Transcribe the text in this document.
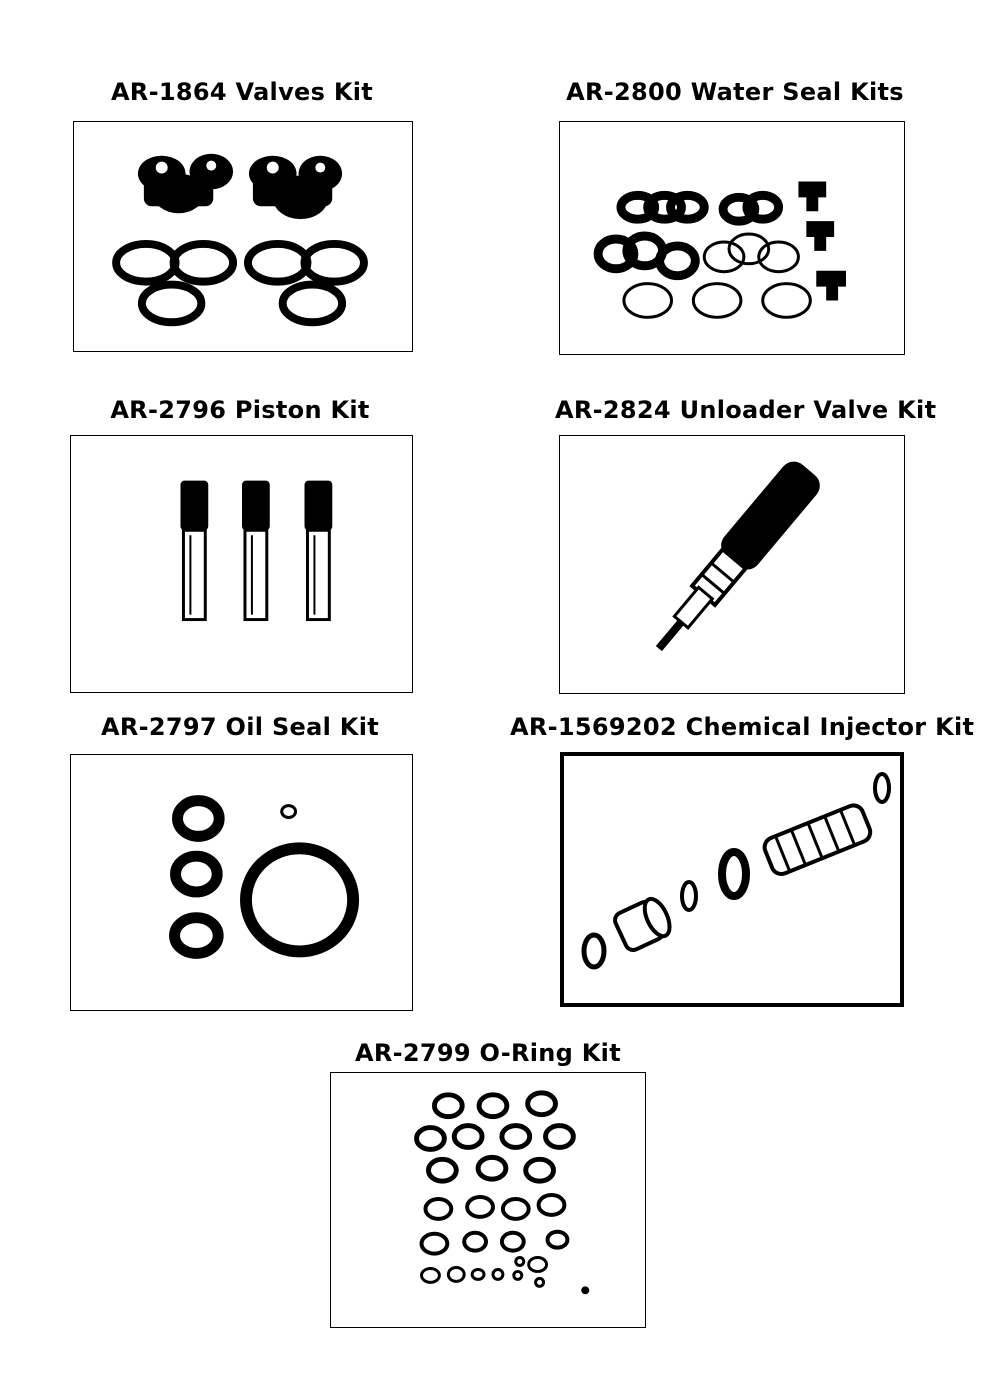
AR-1864 Valves Kit	AR-2800 Water Seal Kits
AR-2796 Piston Kit	AR-2824 Unloader Valve Kit
AR-2797 Oil Seal Kit	AR-1569202 Chemical Injector Kit
AR-2799 O-Ring Kit
